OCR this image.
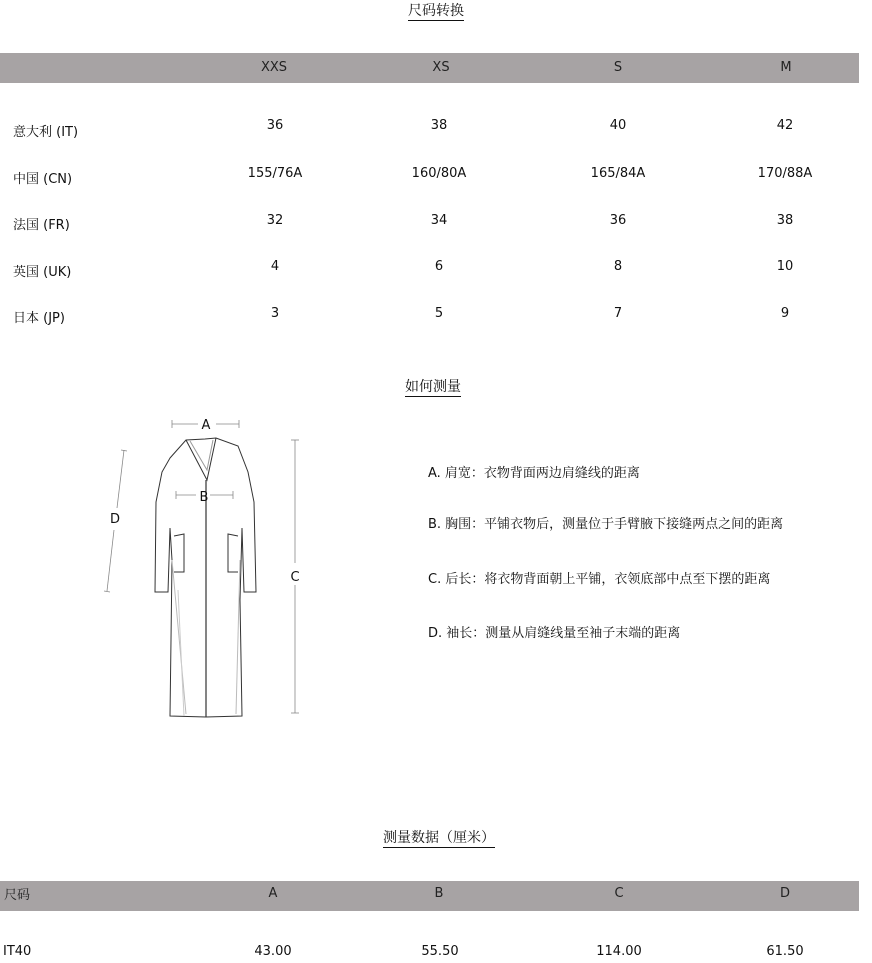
尺码转换
XXS	XS	S	M
意大利 (IT)	36	38	40	42
中国 (CN)	155/76A	160/80A	165/84A	170/88A
法国 (FR)	32	34	36	38
英国 (UK)	4	6	8	10
日本 (JP)	3	5	7	9
如何测量
A
B
C
D
A. 肩宽：衣物背面两边肩缝线的距离
B. 胸围：平铺衣物后，测量位于手臂腋下接缝两点之间的距离
C. 后长：将衣物背面朝上平铺，衣领底部中点至下摆的距离
D. 袖长：测量从肩缝线量至袖子末端的距离
测量数据（厘米）
尺码	A	B	C	D
IT40	43.00	55.50	114.00	61.50
